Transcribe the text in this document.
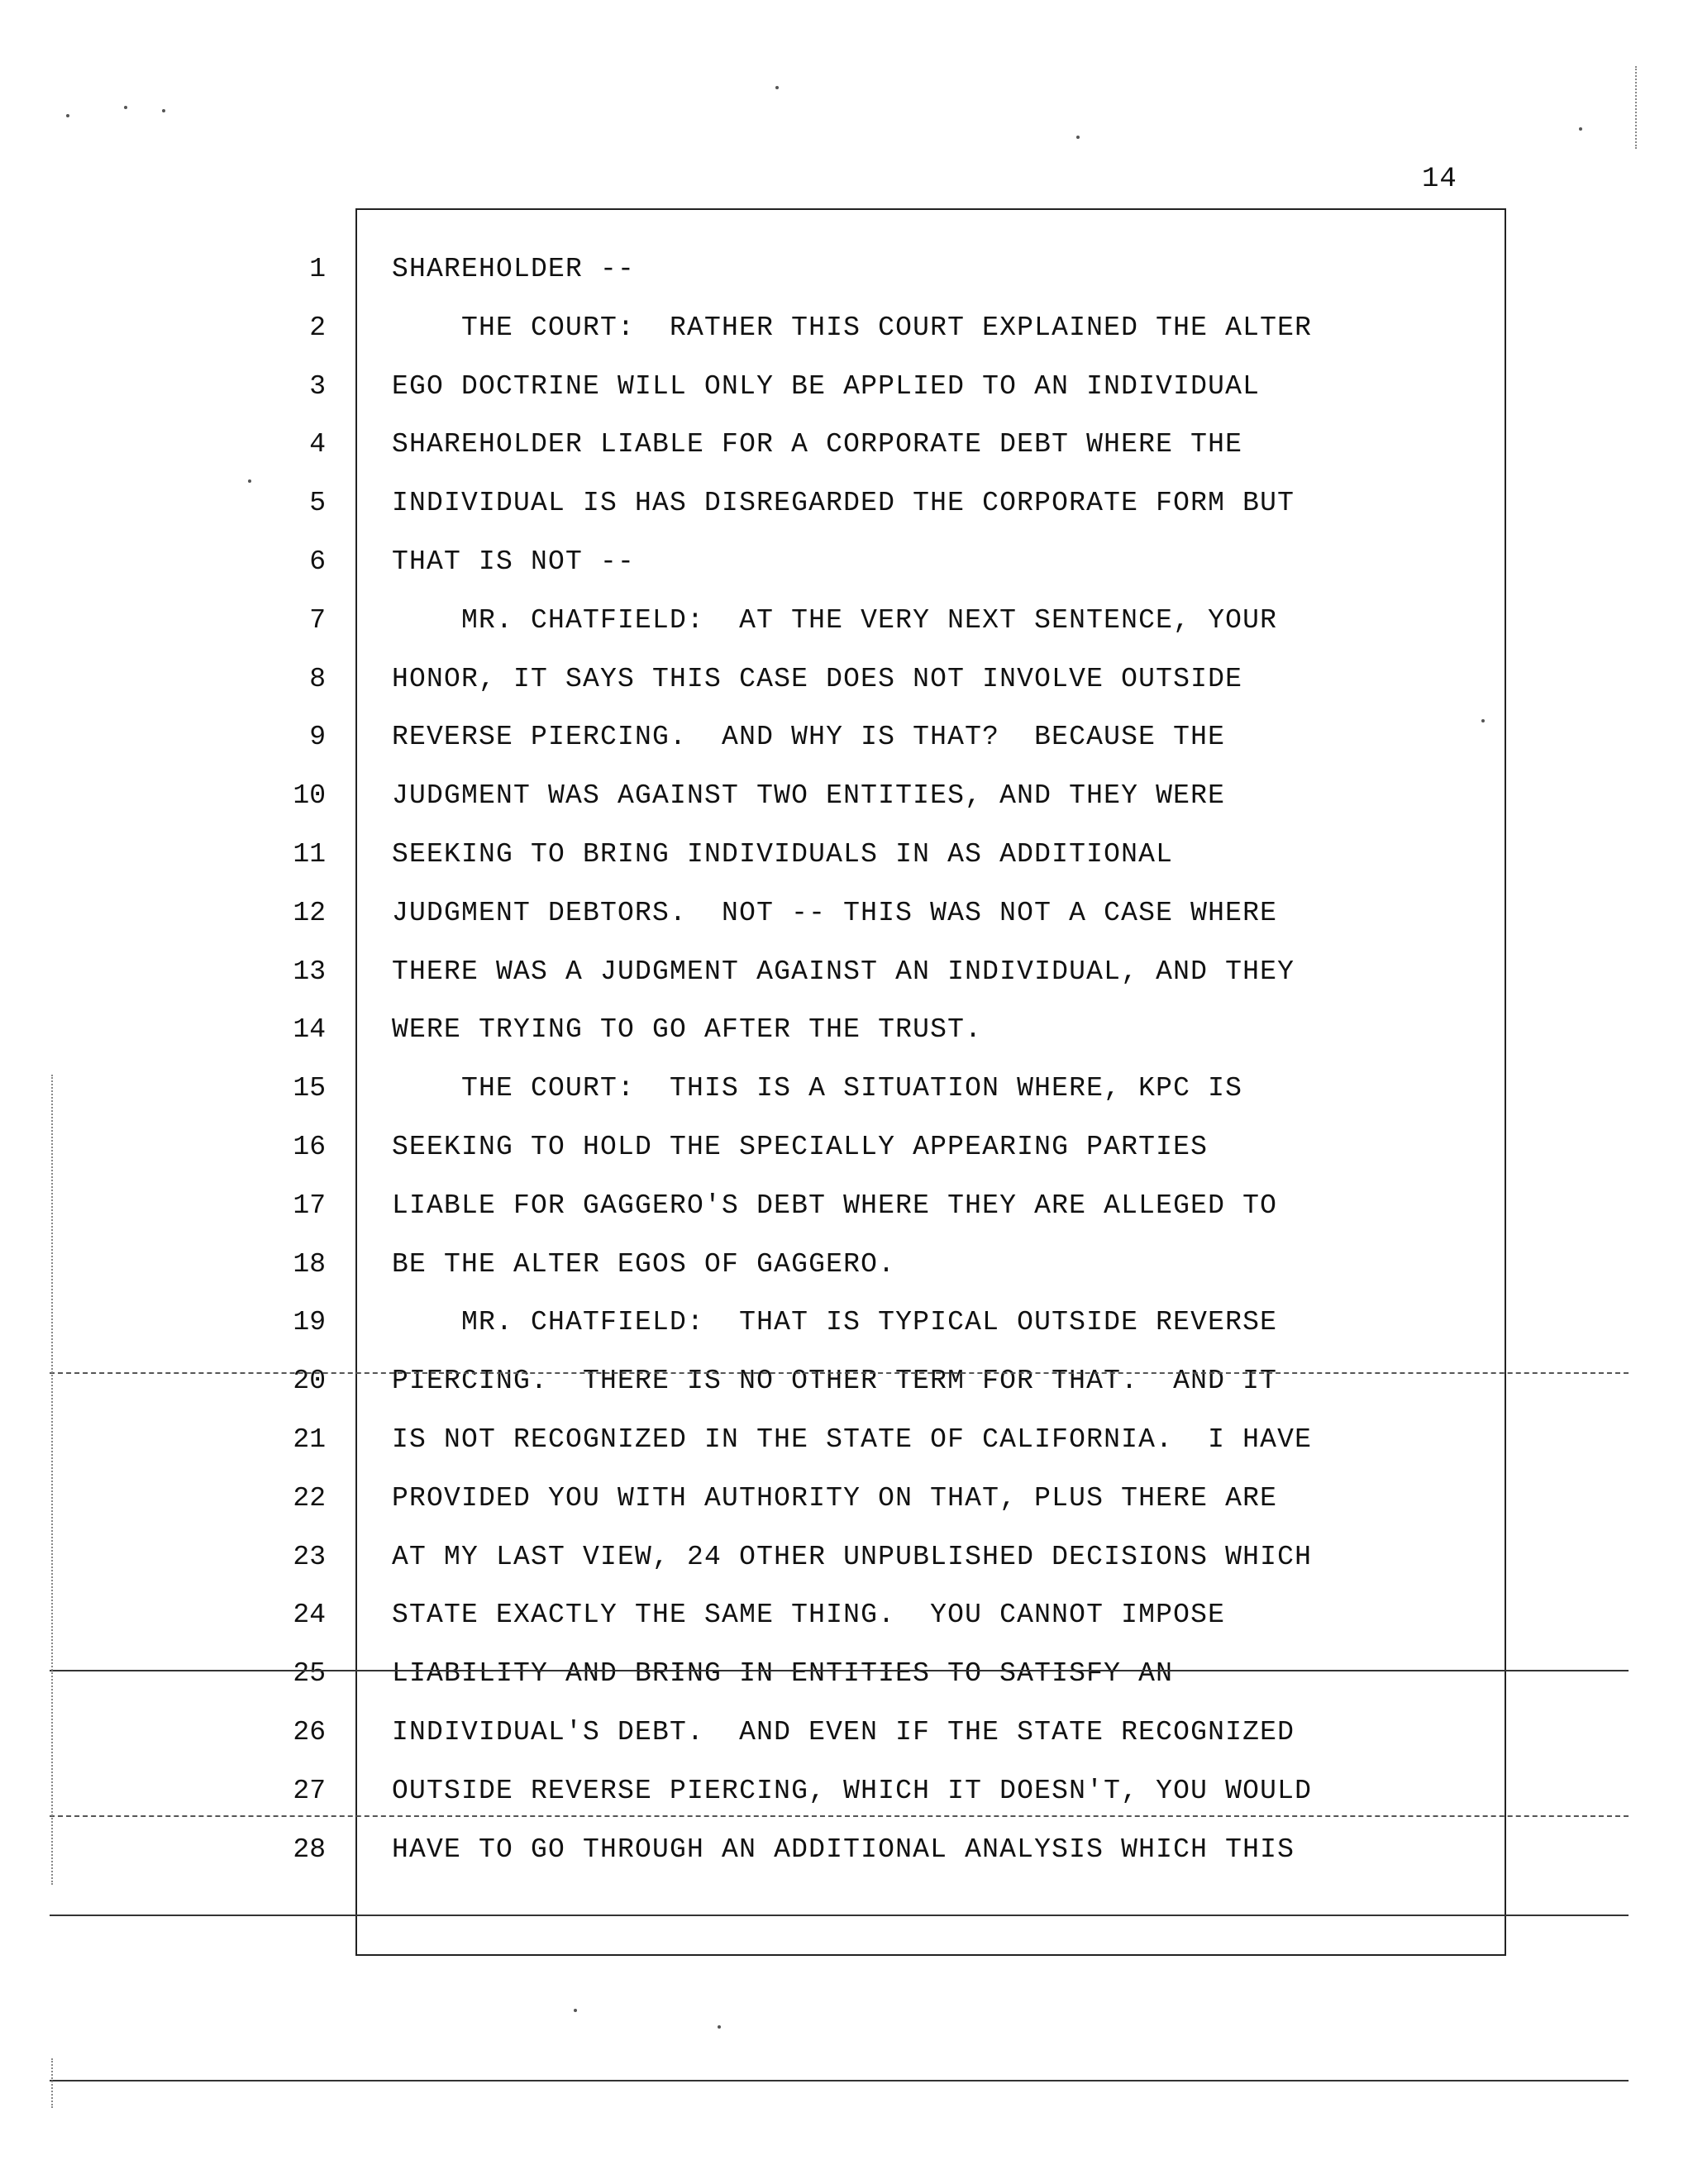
14
1 SHAREHOLDER --
2 THE COURT:  RATHER THIS COURT EXPLAINED THE ALTER
3 EGO DOCTRINE WILL ONLY BE APPLIED TO AN INDIVIDUAL
4 SHAREHOLDER LIABLE FOR A CORPORATE DEBT WHERE THE
5 INDIVIDUAL IS HAS DISREGARDED THE CORPORATE FORM BUT
6 THAT IS NOT --
7 MR. CHATFIELD:  AT THE VERY NEXT SENTENCE, YOUR
8 HONOR, IT SAYS THIS CASE DOES NOT INVOLVE OUTSIDE
9 REVERSE PIERCING.  AND WHY IS THAT?  BECAUSE THE
10 JUDGMENT WAS AGAINST TWO ENTITIES, AND THEY WERE
11 SEEKING TO BRING INDIVIDUALS IN AS ADDITIONAL
12 JUDGMENT DEBTORS.  NOT -- THIS WAS NOT A CASE WHERE
13 THERE WAS A JUDGMENT AGAINST AN INDIVIDUAL, AND THEY
14 WERE TRYING TO GO AFTER THE TRUST.
15 THE COURT:  THIS IS A SITUATION WHERE, KPC IS
16 SEEKING TO HOLD THE SPECIALLY APPEARING PARTIES
17 LIABLE FOR GAGGERO'S DEBT WHERE THEY ARE ALLEGED TO
18 BE THE ALTER EGOS OF GAGGERO.
19 MR. CHATFIELD:  THAT IS TYPICAL OUTSIDE REVERSE
20 PIERCING.  THERE IS NO OTHER TERM FOR THAT.  AND IT
21 IS NOT RECOGNIZED IN THE STATE OF CALIFORNIA.  I HAVE
22 PROVIDED YOU WITH AUTHORITY ON THAT, PLUS THERE ARE
23 AT MY LAST VIEW, 24 OTHER UNPUBLISHED DECISIONS WHICH
24 STATE EXACTLY THE SAME THING.  YOU CANNOT IMPOSE
25 LIABILITY AND BRING IN ENTITIES TO SATISFY AN
26 INDIVIDUAL'S DEBT.  AND EVEN IF THE STATE RECOGNIZED
27 OUTSIDE REVERSE PIERCING, WHICH IT DOESN'T, YOU WOULD
28 HAVE TO GO THROUGH AN ADDITIONAL ANALYSIS WHICH THIS
